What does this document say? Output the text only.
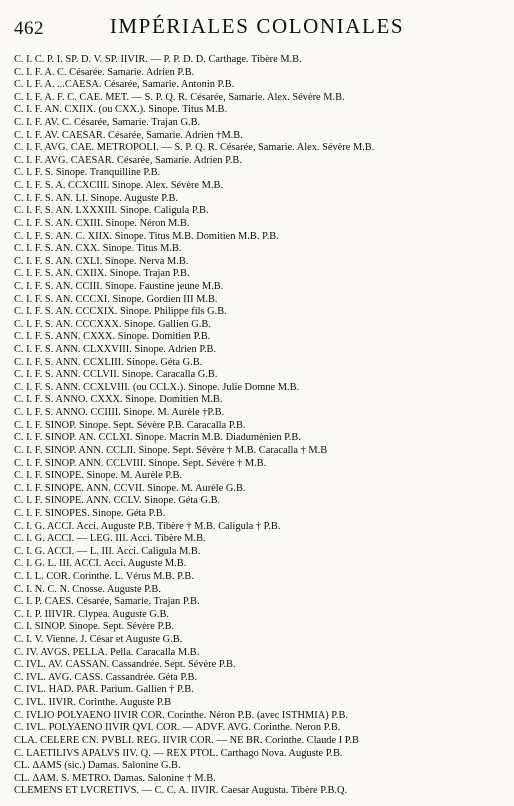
462	IMPÉRIALES COLONIALES
C. I. C. P. I. SP. D. V. SP. IIVIR. — P. P. D. D. Carthage. Tibère M.B.
C. I. F. A. C. Césarée. Samarie. Adrien P.B.
C. I. F. A. ...CAESA. Césarée, Samarie. Antonin P.B.
C. I. F. A. F. C. CAE. MET. — S. P. Q. R. Césarée, Samarie. Alex. Sévère M.B.
C. I. F. AN. CXIIX. (ou CXX.). Sinope. Titus M.B.
C. I. F. AV. C. Césarée, Samarie. Trajan G.B.
C. I. F. AV. CAESAR. Césarée, Samarie. Adrien †M.B.
C. I. F. AVG. CAE. METROPOLI. — S. P. Q. R. Césarée, Samarie. Alex. Sévère M.B.
C. I. F. AVG. CAESAR. Césarée, Samarie. Adrien P.B.
C. I. F. S. Sinope. Tranquilline P.B.
C. I. F. S. A. CCXCIII. Sinope. Alex. Sévère M.B.
C. I. F. S. AN. LI. Sinope. Auguste P.B.
C. I. F. S. AN. LXXXIII. Sinope. Caligula P.B.
C. I. F. S. AN. CXIII. Sinope. Néron M.B.
C. I. F. S. AN. C. XIIX. Sinope. Titus M.B. Domitien M.B. P.B.
C. I. F. S. AN. CXX. Sinope. Titus M.B.
C. I. F. S. AN. CXLI. Sinope. Nerva M.B.
C. I. F. S. AN. CXIIX. Sinope. Trajan P.B.
C. I. F. S. AN. CCIII. Sinope. Faustine jeune M.B.
C. I. F. S. AN. CCCXI. Sinope. Gordien III M.B.
C. I. F. S. AN. CCCXIX. Sinope. Philippe fils G.B.
C. I. F. S. AN. CCCXXX. Sinope. Gallien G.B.
C. I. F. S. ANN. CXXX. Sinope. Domitien P.B.
C. I. F. S. ANN. CLXXVIII. Sinope. Adrien P.B.
C. I. F. S. ANN. CCXLIII. Sinope. Géta G.B.
C. I. F. S. ANN. CCLVII. Sinope. Caracalla G.B.
C. I. F. S. ANN. CCXLVIII. (ou CCLX.). Sinope. Julie Domne M.B.
C. I. F. S. ANNO. CXXX. Sinope. Domitien M.B.
C. I. F. S. ANNO. CCIIII. Sinope. M. Aurèle †P.B.
C. I. F. SINOP. Sinope. Sept. Sévère P.B. Caracalla P.B.
C. I. F. SINOP. AN. CCLXI. Sinope. Macrin M.B. Diadumènien P.B.
C. I. F. SINOP. ANN. CCLII. Sinope. Sept. Sévère † M.B. Caracalla † M.B
C. I. F. SINOP. ANN. CCLVIII. Sinope. Sept. Sévère † M.B.
C. I. F. SINOPE. Sinope. M. Aurèle P.B.
C. I. F. SINOPE. ANN. CCVII. Sinope. M. Aurèle G.B.
C. I. F. SINOPE. ANN. CCLV. Sinope. Géta G.B.
C. I. F. SINOPES. Sinope. Géta P.B.
C. I. G. ACCI. Acci. Auguste P.B. Tibère † M.B. Caligula † P.B.
C. I. G. ACCI. — LEG. III. Acci. Tibère M.B.
C. I. G. ACCI. — L. III. Acci. Caligula M.B.
C. I. G. L. III. ACCI. Acci. Auguste M.B.
C. I. L. COR. Corinthe. L. Vérus M.B. P.B.
C. I. N. C. N. Cnosse. Auguste P.B.
C. I. P. CAES. Césarée, Samarie. Trajan P.B.
C. I. P. IIIVIR. Clypea. Auguste G.B.
C. I. SINOP. Sinope. Sept. Sévère P.B.
C. I. V. Vienne. J. César et Auguste G.B.
C. IV. AVGS. PELLA. Pella. Caracalla M.B.
C. IVL. AV. CASSAN. Cassandrée. Sept. Sévère P.B.
C. IVL. AVG. CASS. Cassandrée. Géta P.B.
C. IVL. HAD. PAR. Parium. Gallien † P.B.
C. IVL. IIVIR. Corinthe. Auguste P.B
C. IVLIO POLYAENO IIVIR COR. Corinthe. Néron P.B. (avec ISTHMIA) P.B.
C. IVL. POLYAENO IIVIR QVI. COR. — ADVF. AVG. Corinthe. Neron P.B.
CLA. CELERE CN. PVBLI. REG. IIVIR COR. — NE BR. Corinthe. Claude I P.B
C. LAETILIVS APALVS IIV. Q. — REX PTOL. Carthago Nova. Auguste P.B.
CL. ΔAMS (sic.) Damas. Salonine G.B.
CL. ΔAM. S. METRO. Damas. Salonine † M.B.
CLEMENS ET LVCRETIVS. — C. C. A. IIVIR. Caesar Augusta. Tibère P.B.Q.
